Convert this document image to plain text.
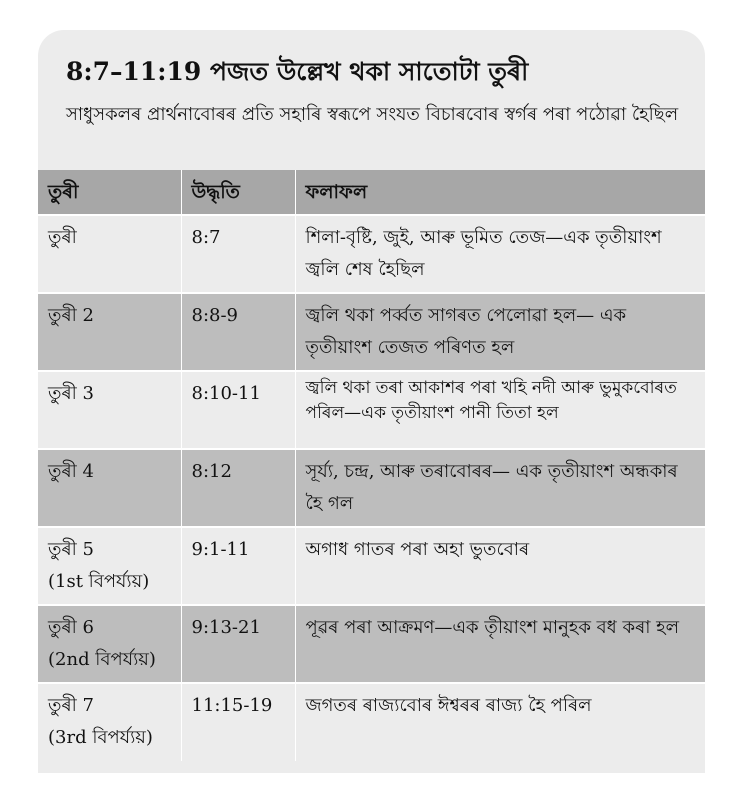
8:7–11:19 পজত উল্লেখ থকা সাতোটা তুৰী
সাধুসকলৰ প্ৰাৰ্থনাবোৰৰ প্ৰতি সহাৰি স্বৰূপে সংযত বিচাৰবোৰ স্বৰ্গৰ পৰা পঠোৱা হৈছিল
তুৰী	উদ্ধৃতি	ফলাফল
তুৰী	8:7	শিলা-বৃষ্টি, জুই, আৰু ভূমিত তেজ—এক তৃতীয়াংশ জ্বলি শেষ হৈছিল
তুৰী 2	8:8-9	জ্বলি থকা পৰ্ব্বত সাগৰত পেলোৱা হল— এক তৃতীয়াংশ তেজত পৰিণত হল
তুৰী 3	8:10-11	জ্বলি থকা তৰা আকাশৰ পৰা খহি নদী আৰু ভুমুকবোৰত পৰিল—এক তৃতীয়াংশ পানী তিতা হল
তুৰী 4	8:12	সূৰ্য্য, চন্দ্ৰ, আৰু তৰাবোৰৰ— এক তৃতীয়াংশ অন্ধকাৰ হৈ গল

তুৰী 5
(1st বিপৰ্য্যয়)	9:1-11	অগাধ গাতৰ পৰা অহা ভুতবোৰ

তুৰী 6
(2nd বিপৰ্য্যয়)	9:13-21	পূৱৰ পৰা আক্ৰমণ—এক তৃীয়াংশ মানুহক বধ কৰা হল

তুৰী 7
(3rd বিপৰ্য্যয়)	11:15-19	জগতৰ ৰাজ্যবোৰ ঈশ্বৰৰ ৰাজ্য হৈ পৰিল
